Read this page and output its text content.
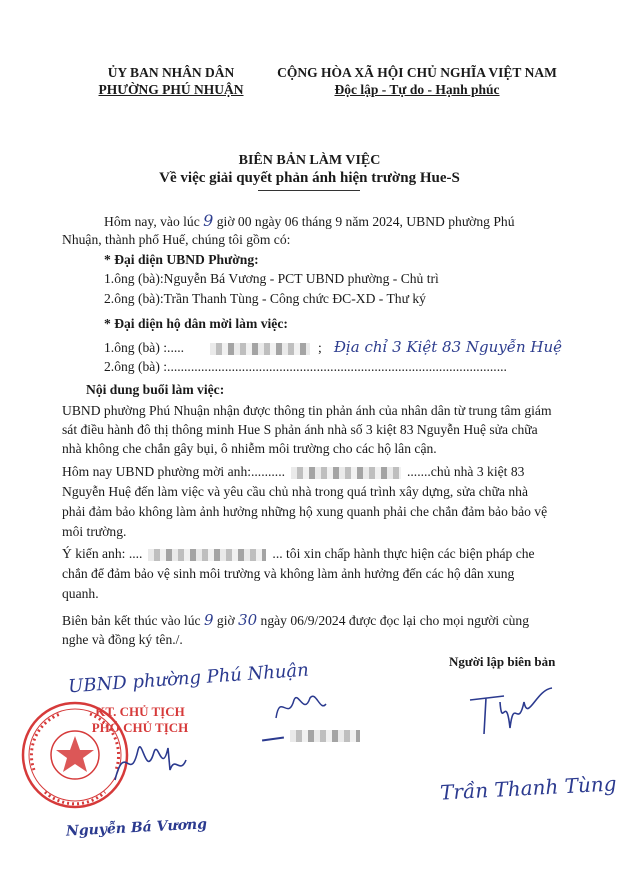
ỦY BAN NHÂN DÂN
PHƯỜNG PHÚ NHUẬN
CỘNG HÒA XÃ HỘI CHỦ NGHĨA VIỆT NAM
Độc lập - Tự do - Hạnh phúc
BIÊN BẢN LÀM VIỆC
Về việc giải quyết phản ánh hiện trường Hue-S
Hôm nay, vào lúc 9 giờ 00 ngày 06 tháng 9 năm 2024, UBND phường Phú
Nhuận, thành phố Huế, chúng tôi gồm có:
* Đại diện UBND Phường:
1.ông (bà):Nguyễn Bá Vương - PCT UBND phường - Chủ trì
2.ông (bà):Trần Thanh Tùng - Công chức ĐC-XD - Thư ký
* Đại diện hộ dân mời làm việc:
1.ông (bà) :.....	; Địa chỉ 3 Kiệt 83 Nguyễn Huệ
2.ông (bà) :....................................................................................................
Nội dung buổi làm việc:
UBND phường Phú Nhuận nhận được thông tin phản ánh của nhân dân từ trung tâm giám
sát điều hành đô thị thông minh Hue S phản ánh nhà số 3 kiệt 83 Nguyễn Huệ sửa chữa
nhà không che chắn gây bụi, ô nhiễm môi trường cho các hộ lân cận.
Hôm nay UBND phường mời anh:..........	.......chủ nhà 3 kiệt 83
Nguyễn Huệ đến làm việc và yêu cầu chủ nhà trong quá trình xây dựng, sửa chữa nhà
phải đảm bảo không làm ảnh hưởng những hộ xung quanh phải che chắn đảm bảo bảo vệ
môi trường.
Ý kiến anh: ....	... tôi xin chấp hành thực hiện các biện pháp che
chắn để đảm bảo vệ sinh môi trường và không làm ảnh hưởng đến các hộ dân xung
quanh.
Biên bản kết thúc vào lúc 9 giờ 30 ngày 06/9/2024 được đọc lại cho mọi người cùng
nghe và đồng ký tên./.
Người lập biên bản
UBND phường Phú Nhuận
KT. CHỦ TỊCH
PHÓ CHỦ TỊCH
Nguyễn Bá Vương
Trần Thanh Tùng
